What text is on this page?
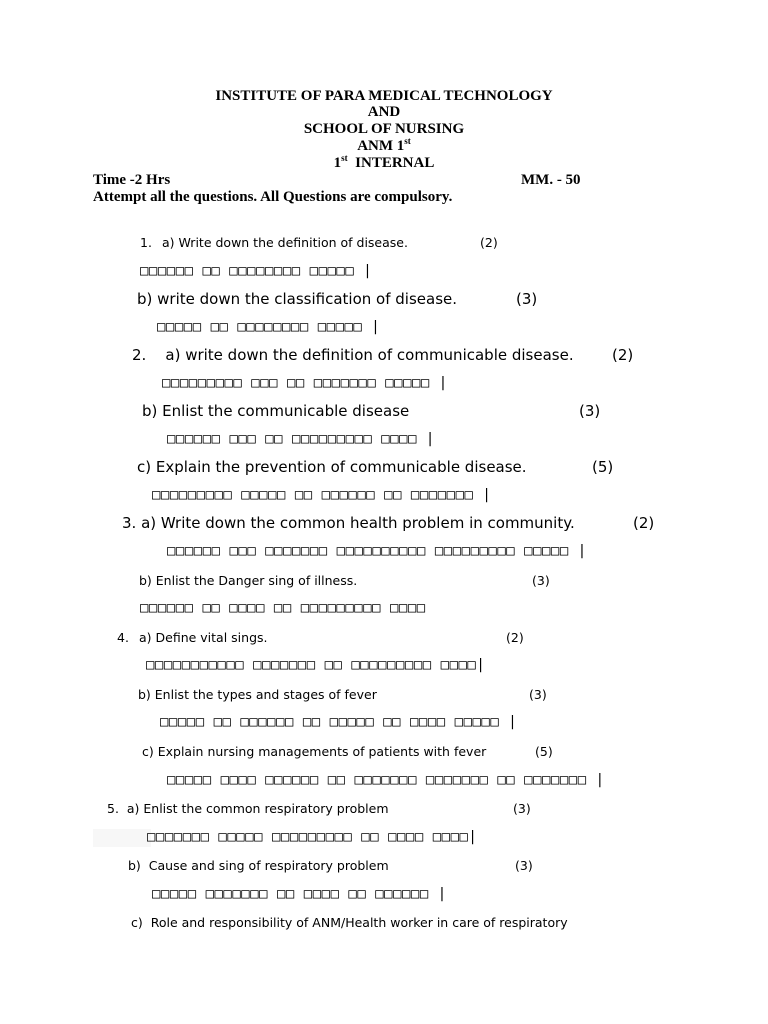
INSTITUTE OF PARA MEDICAL TECHNOLOGY
AND
SCHOOL OF NURSING
ANM 1st
1st  INTERNAL
Time -2 Hrs	MM. - 50
Attempt all the questions. All Questions are compulsory.
1. a) Write down the definition of disease.	(2)
□□□□□□ □□ □□□□□□□□ □□□□□ |
b) write down the classification of disease.	(3)
□□□□□ □□ □□□□□□□□ □□□□□ |
2.    a) write down the definition of communicable disease.	(2)
□□□□□□□□□ □□□ □□ □□□□□□□ □□□□□ |
b) Enlist the communicable disease	(3)
□□□□□□ □□□ □□ □□□□□□□□□ □□□□ |
c) Explain the prevention of communicable disease.	(5)
□□□□□□□□□ □□□□□ □□ □□□□□□ □□ □□□□□□□ |
3. a) Write down the common health problem in community.	(2)
□□□□□□ □□□ □□□□□□□ □□□□□□□□□□ □□□□□□□□□ □□□□□ |
b) Enlist the Danger sing of illness.	(3)
□□□□□□ □□ □□□□ □□ □□□□□□□□□ □□□□
4. a) Define vital sings.	(2)
□□□□□□□□□□□ □□□□□□□ □□ □□□□□□□□□ □□□□|
b) Enlist the types and stages of fever	(3)
□□□□□ □□ □□□□□□ □□ □□□□□ □□ □□□□ □□□□□ |
c) Explain nursing managements of patients with fever	(5)
□□□□□ □□□□ □□□□□□ □□ □□□□□□□ □□□□□□□ □□ □□□□□□□ |
5.  a) Enlist the common respiratory problem	(3)
□□□□□□□ □□□□□ □□□□□□□□□ □□ □□□□ □□□□|
b)  Cause and sing of respiratory problem	(3)
□□□□□ □□□□□□□ □□ □□□□ □□ □□□□□□ |
c)  Role and responsibility of ANM/Health worker in care of respiratory
